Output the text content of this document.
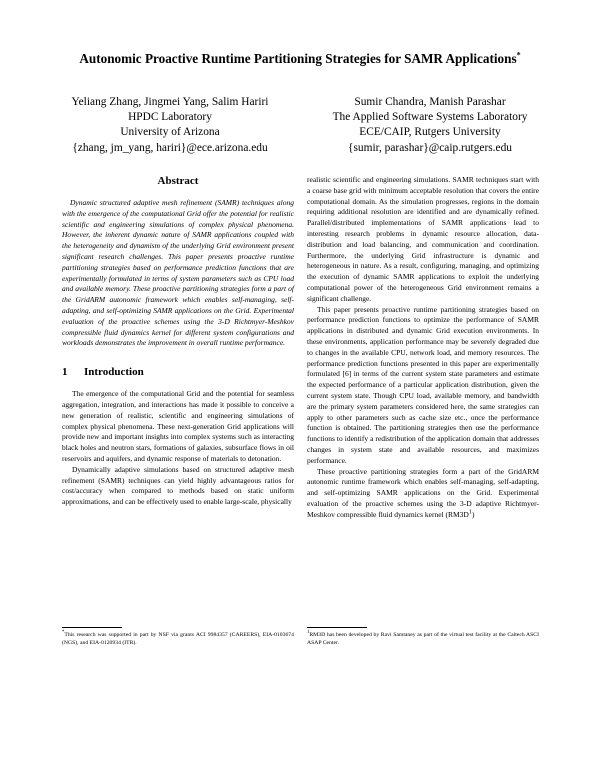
Autonomic Proactive Runtime Partitioning Strategies for SAMR Applications*
Yeliang Zhang, Jingmei Yang, Salim Hariri
HPDC Laboratory
University of Arizona
{zhang, jm_yang, hariri}@ece.arizona.edu
Sumir Chandra, Manish Parashar
The Applied Software Systems Laboratory
ECE/CAIP, Rutgers University
{sumir, parashar}@caip.rutgers.edu
Abstract

Dynamic structured adaptive mesh refinement (SAMR) techniques along with the emergence of the computational Grid offer the potential for realistic scientific and engineering simulations of complex physical phenomena. However, the inherent dynamic nature of SAMR applications coupled with the heterogeneity and dynamism of the underlying Grid environment present significant research challenges. This paper presents proactive runtime partitioning strategies based on performance prediction functions that are experimentally formulated in terms of system parameters such as CPU load and available memory. These proactive partitioning strategies form a part of the GridARM autonomic framework which enables self-managing, self-adapting, and self-optimizing SAMR applications on the Grid. Experimental evaluation of the proactive schemes using the 3-D Richtmyer-Meshkov compressible fluid dynamics kernel for different system configurations and workloads demonstrates the improvement in overall runtime performance.

1 Introduction

The emergence of the computational Grid and the potential for seamless aggregation, integration, and interactions has made it possible to conceive a new generation of realistic, scientific and engineering simulations of complex physical phenomena. These next-generation Grid applications will provide new and important insights into complex systems such as interacting black holes and neutron stars, formations of galaxies, subsurface flows in oil reservoirs and aquifers, and dynamic response of materials to detonation.

Dynamically adaptive simulations based on structured adaptive mesh refinement (SAMR) techniques can yield highly advantageous ratios for cost/accuracy when compared to methods based on static uniform approximations, and can be effectively used to enable large-scale, physically

realistic scientific and engineering simulations. SAMR techniques start with a coarse base grid with minimum acceptable resolution that covers the entire computational domain. As the simulation progresses, regions in the domain requiring additional resolution are identified and are dynamically refined. Parallel/distributed implementations of SAMR applications lead to interesting research problems in dynamic resource allocation, data-distribution and load balancing, and communication and coordination. Furthermore, the underlying Grid infrastructure is dynamic and heterogeneous in nature. As a result, configuring, managing, and optimizing the execution of dynamic SAMR applications to exploit the underlying computational power of the heterogeneous Grid environment remains a significant challenge.

This paper presents proactive runtime partitioning strategies based on performance prediction functions to optimize the performance of SAMR applications in distributed and dynamic Grid execution environments. In these environments, application performance may be severely degraded due to changes in the available CPU, network load, and memory resources. The performance prediction functions presented in this paper are experimentally formulated [6] in terms of the current system state parameters and estimate the expected performance of a particular application distribution, given the current system state. Though CPU load, available memory, and bandwidth are the primary system parameters considered here, the same strategies can apply to other parameters such as cache size etc., once the performance function is obtained. The partitioning strategies then use the performance functions to identify a redistribution of the application domain that addresses changes in system state and available resources, and maximizes performance.

These proactive partitioning strategies form a part of the GridARM autonomic runtime framework which enables self-managing, self-adapting, and self-optimizing SAMR applications on the Grid. Experimental evaluation of the proactive schemes using the 3-D adaptive Richtmyer-Meshkov compressible fluid dynamics kernel $(RM3D^1)$

*This research was supported in part by NSF via grants ACI 9984357 (CAREERS), EIA-0103674 (NGS), and EIA-0120934 (ITR).
$^1$RM3D has been developed by Ravi Samtaney as part of the virtual test facility at the Caltech ASCI ASAP Center.
